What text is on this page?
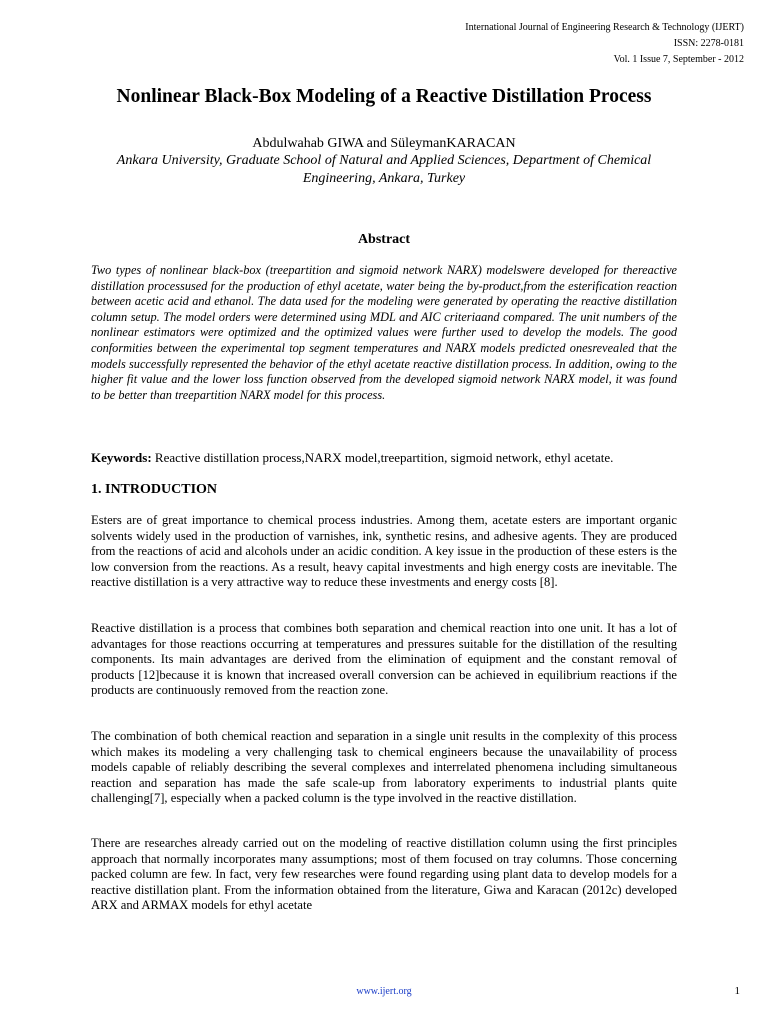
International Journal of Engineering Research & Technology (IJERT)
ISSN: 2278-0181
Vol. 1 Issue 7, September - 2012
Nonlinear Black-Box Modeling of a Reactive Distillation Process
Abdulwahab GIWA and SüleymanKARACAN
Ankara University, Graduate School of Natural and Applied Sciences, Department of Chemical Engineering, Ankara, Turkey
Abstract

Two types of nonlinear black-box (treepartition and sigmoid network NARX) modelswere developed for thereactive distillation processused for the production of ethyl acetate, water being the by-product,from the esterification reaction between acetic acid and ethanol. The data used for the modeling were generated by operating the reactive distillation column setup. The model orders were determined using MDL and AIC criteriaand compared. The unit numbers of the nonlinear estimators were optimized and the optimized values were further used to develop the models. The good conformities between the experimental top segment temperatures and NARX models predicted onesrevealed that the models successfully represented the behavior of the ethyl acetate reactive distillation process. In addition, owing to the higher fit value and the lower loss function observed from the developed sigmoid network NARX model, it was found to be better than treepartition NARX model for this process.

Keywords: Reactive distillation process,NARX model,treepartition, sigmoid network, ethyl acetate.

1. INTRODUCTION

Esters are of great importance to chemical process industries. Among them, acetate esters are important organic solvents widely used in the production of varnishes, ink, synthetic resins, and adhesive agents. They are produced from the reactions of acid and alcohols under an acidic condition. A key issue in the production of these esters is the low conversion from the reactions. As a result, heavy capital investments and high energy costs are inevitable. The reactive distillation is a very attractive way to reduce these investments and energy costs [8].

Reactive distillation is a process that combines both separation and chemical reaction into one unit. It has a lot of advantages for those reactions occurring at temperatures and pressures suitable for the distillation of the resulting components. Its main advantages are derived from the elimination of equipment and the constant removal of products [12]because it is known that increased overall conversion can be achieved in equilibrium reactions if the products are continuously removed from the reaction zone.

The combination of both chemical reaction and separation in a single unit results in the complexity of this process which makes its modeling a very challenging task to chemical engineers because the unavailability of process models capable of reliably describing the several complexes and interrelated phenomena including simultaneous reaction and separation has made the safe scale-up from laboratory experiments to industrial plants quite challenging[7], especially when a packed column is the type involved in the reactive distillation.

There are researches already carried out on the modeling of reactive distillation column using the first principles approach that normally incorporates many assumptions; most of them focused on tray columns. Those concerning packed column are few. In fact, very few researches were found regarding using plant data to develop models for a reactive distillation plant. From the information obtained from the literature, Giwa and Karacan (2012c) developed ARX and ARMAX models for ethyl acetate

www.ijert.org	1
